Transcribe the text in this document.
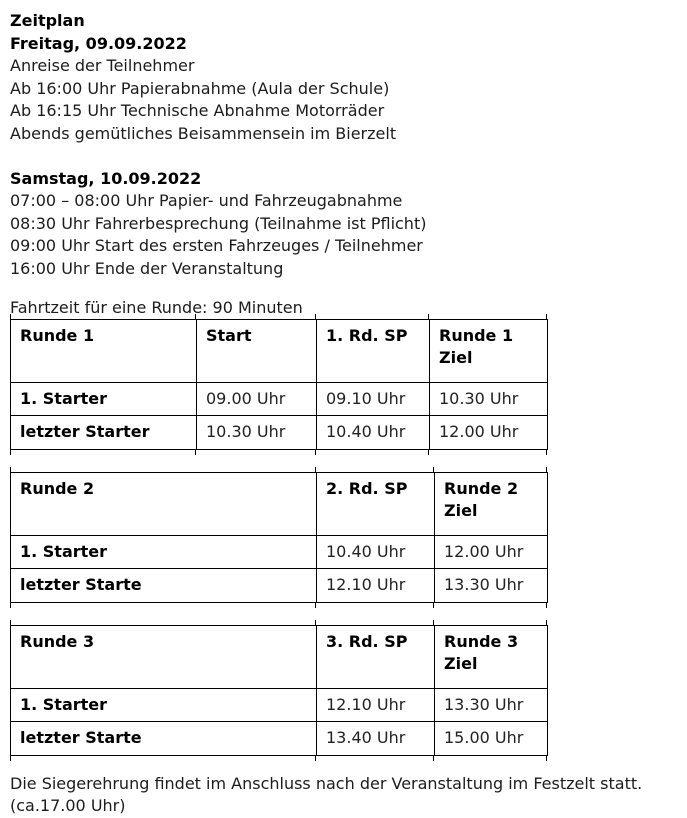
Zeitplan

Freitag, 09.09.2022

Anreise der Teilnehmer

Ab 16:00 Uhr Papierabnahme (Aula der Schule)

Ab 16:15 Uhr Technische Abnahme Motorräder

Abends gemütliches Beisammensein im Bierzelt

Samstag, 10.09.2022

07:00 – 08:00 Uhr Papier- und Fahrzeugabnahme

08:30 Uhr Fahrerbesprechung (Teilnahme ist Pflicht)

09:00 Uhr Start des ersten Fahrzeuges / Teilnehmer

16:00 Uhr Ende der Veranstaltung

Fahrtzeit für eine Runde: 90 Minuten

Runde 1	Start	1. Rd. SP	Runde 1 Ziel
1. Starter	09.00 Uhr	09.10 Uhr	10.30 Uhr
letzter Starter	10.30 Uhr	10.40 Uhr	12.00 Uhr
Runde 2	2. Rd. SP	Runde 2 Ziel
1. Starter	10.40 Uhr	12.00 Uhr
letzter Starte	12.10 Uhr	13.30 Uhr
Runde 3	3. Rd. SP	Runde 3 Ziel
1. Starter	12.10 Uhr	13.30 Uhr
letzter Starte	13.40 Uhr	15.00 Uhr

Die Siegerehrung findet im Anschluss nach der Veranstaltung im Festzelt statt.

(ca.17.00 Uhr)
